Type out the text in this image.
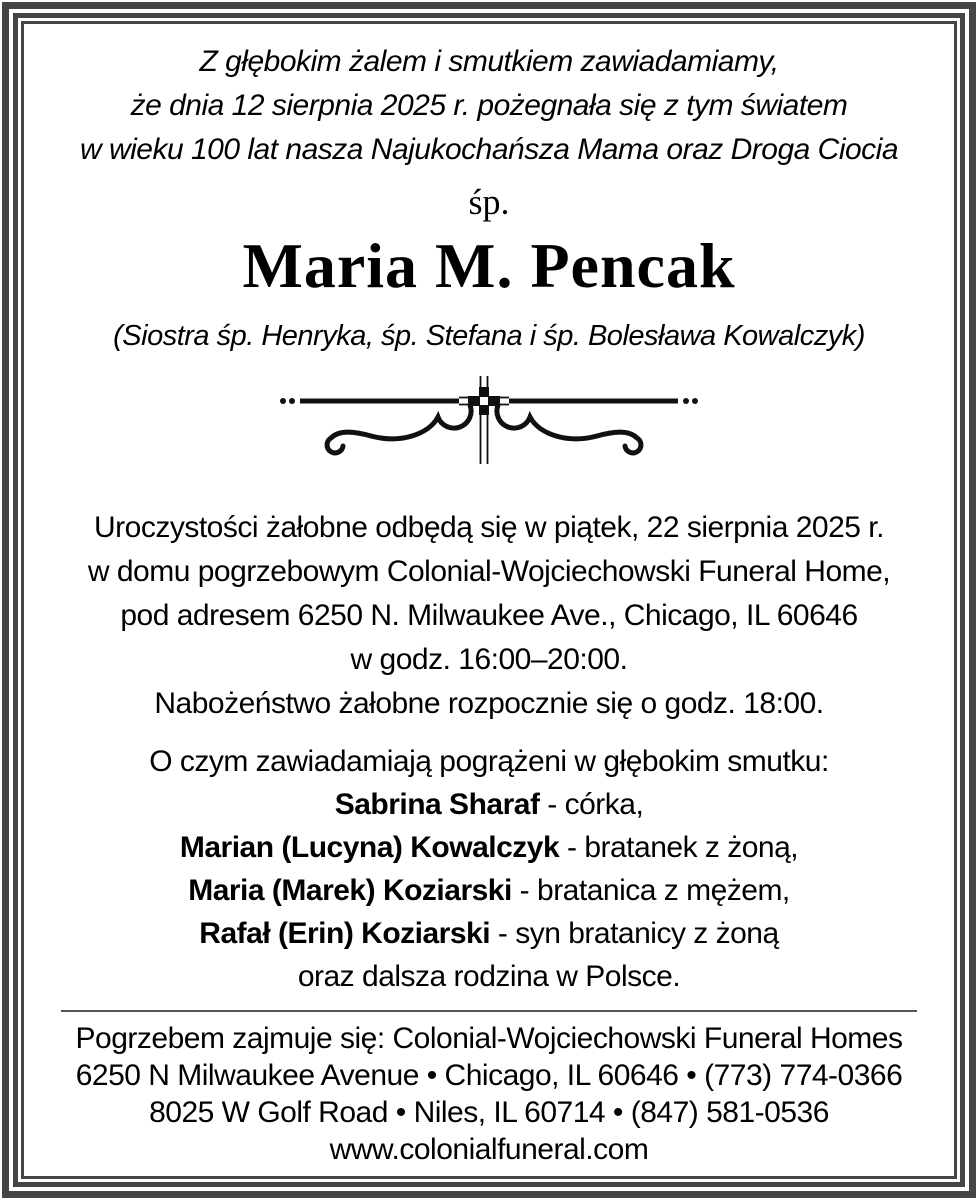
Z głębokim żalem i smutkiem zawiadamiamy,

że dnia 12 sierpnia 2025 r. pożegnała się z tym światem

w wieku 100 lat nasza Najukochańsza Mama oraz Droga Ciocia

śp.

Maria M. Pencak

(Siostra śp. Henryka, śp. Stefana i śp. Bolesława Kowalczyk)

Uroczystości żałobne odbędą się w piątek, 22 sierpnia 2025 r.

w domu pogrzebowym Colonial-Wojciechowski Funeral Home,

pod adresem 6250 N. Milwaukee Ave., Chicago, IL 60646

w godz. 16:00–20:00.

Nabożeństwo żałobne rozpocznie się o godz. 18:00.

O czym zawiadamiają pogrążeni w głębokim smutku:

Sabrina Sharaf - córka,

Marian (Lucyna) Kowalczyk - bratanek z żoną,

Maria (Marek) Koziarski - bratanica z mężem,

Rafał (Erin) Koziarski - syn bratanicy z żoną

oraz dalsza rodzina w Polsce.

Pogrzebem zajmuje się: Colonial-Wojciechowski Funeral Homes

6250 N Milwaukee Avenue • Chicago, IL 60646 • (773) 774-0366

8025 W Golf Road • Niles, IL 60714 • (847) 581-0536

www.colonialfuneral.com
